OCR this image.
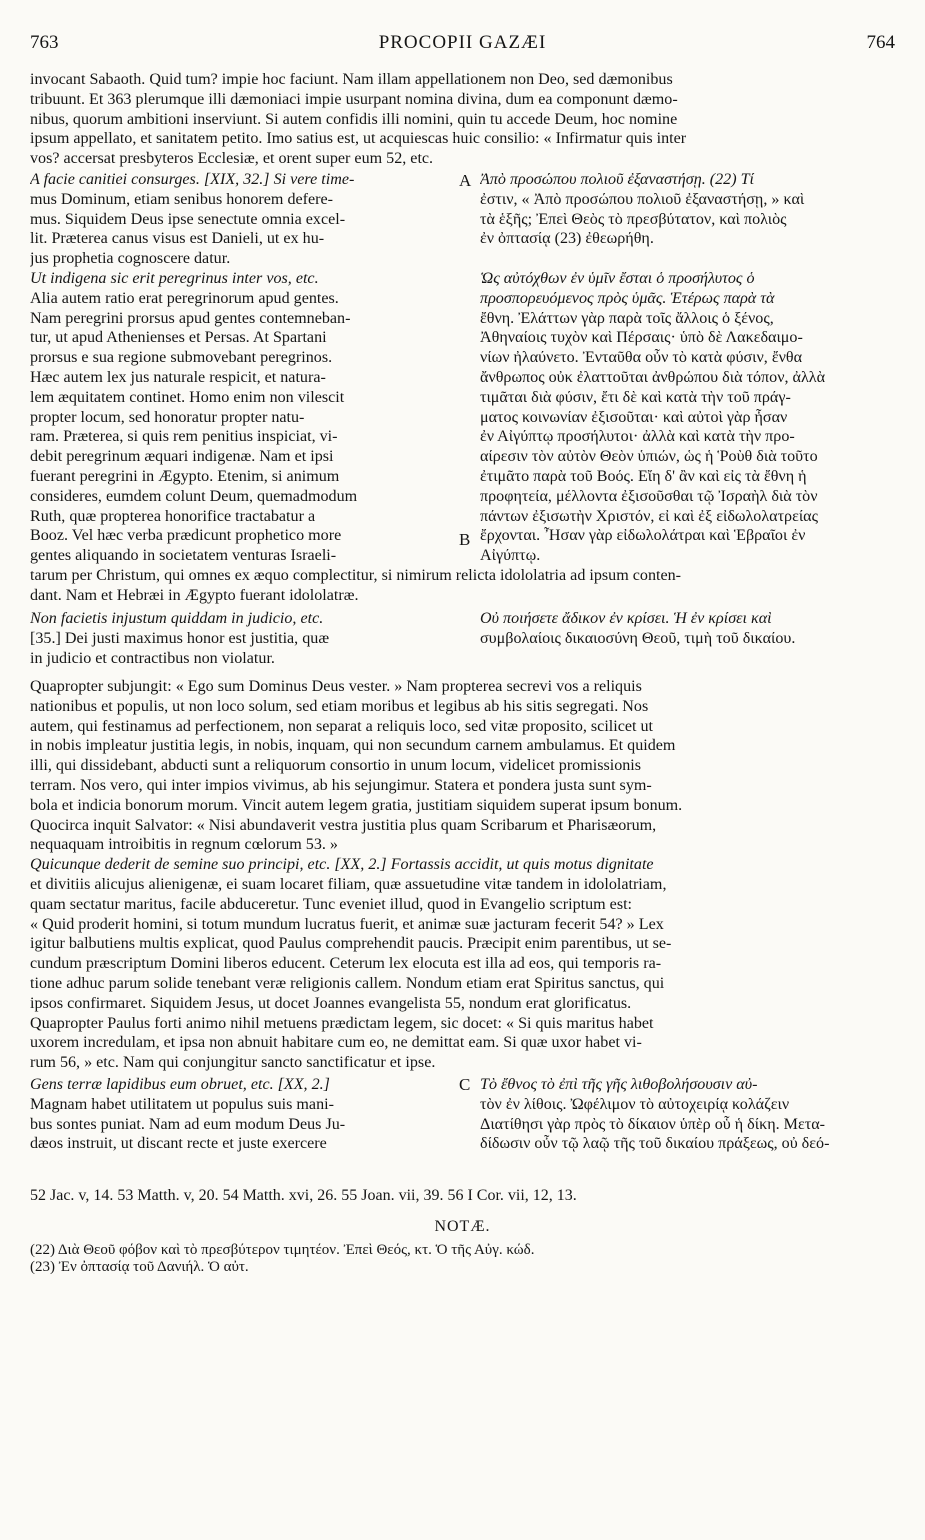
763	PROCOPII GAZÆI	764
invocant Sabaoth. Quid tum? impie hoc faciunt. Nam illam appellationem non Deo, sed dæmonibus
tribuunt. Et 363 plerumque illi dæmoniaci impie usurpant nomina divina, dum ea componunt dæmo-
nibus, quorum ambitioni inserviunt. Si autem confidis illi nomini, quin tu accede Deum, hoc nomine
ipsum appellato, et sanitatem petito. Imo satius est, ut acquiescas huic consilio: « Infirmatur quis inter
vos? accersat presbyteros Ecclesiæ, et orent super eum 52, etc.
A facie canitiei consurges. [XIX, 32.] Si vere time-
mus Dominum, etiam senibus honorem defere-
mus. Siquidem Deus ipse senectute omnia excel-
lit. Præterea canus visus est Danieli, ut ex hu-
jus prophetia cognoscere datur.
Ut indigena sic erit peregrinus inter vos, etc.
Alia autem ratio erat peregrinorum apud gentes.
Nam peregrini prorsus apud gentes contemneban-
tur, ut apud Athenienses et Persas. At Spartani
prorsus e sua regione submovebant peregrinos.
Hæc autem lex jus naturale respicit, et natura-
lem æquitatem continet. Homo enim non vilescit
propter locum, sed honoratur propter natu-
ram. Præterea, si quis rem penitius inspiciat, vi-
debit peregrinum æquari indigenæ. Nam et ipsi
fuerant peregrini in Ægypto. Etenim, si animum
consideres, eumdem colunt Deum, quemadmodum
Ruth, quæ propterea honorifice tractabatur a
Booz. Vel hæc verba prædicunt prophetico more
gentes aliquando in societatem venturas Israeli-
A
B
Ἀπὸ προσώπου πολιοῦ ἐξαναστήσῃ. (22) Τί
ἐστιν, « Ἀπὸ προσώπου πολιοῦ ἐξαναστήσῃ, » καὶ
τὰ ἑξῆς; Ἐπεὶ Θεὸς τὸ πρεσβύτατον, καὶ πολιὸς
ἐν ὀπτασίᾳ (23) ἐθεωρήθη.

Ὡς αὐτόχθων ἐν ὑμῖν ἔσται ὁ προσήλυτος ὁ
προσπορευόμενος πρὸς ὑμᾶς. Ἑτέρως παρὰ τὰ
ἔθνη. Ἐλάττων γὰρ παρὰ τοῖς ἄλλοις ὁ ξένος,
Ἀθηναίοις τυχὸν καὶ Πέρσαις· ὑπὸ δὲ Λακεδαιμο-
νίων ἠλαύνετο. Ἐνταῦθα οὖν τὸ κατὰ φύσιν, ἔνθα
ἄνθρωπος οὐκ ἐλαττοῦται ἀνθρώπου διὰ τόπον, ἀλλὰ
τιμᾶται διὰ φύσιν, ἔτι δὲ καὶ κατὰ τὴν τοῦ πράγ-
ματος κοινωνίαν ἐξισοῦται· καὶ αὐτοὶ γὰρ ἦσαν
ἐν Αἰγύπτῳ προσήλυτοι· ἀλλὰ καὶ κατὰ τὴν προ-
αίρεσιν τὸν αὐτὸν Θεὸν ὑπιών, ὡς ἡ Ῥοὺθ διὰ τοῦτο
ἐτιμᾶτο παρὰ τοῦ Βοός. Εἴη δ' ἂν καὶ εἰς τὰ ἔθνη ἡ
προφητεία, μέλλοντα ἐξισοῦσθαι τῷ Ἰσραὴλ διὰ τὸν
πάντων ἐξισωτὴν Χριστόν, εἰ καὶ ἐξ εἰδωλολατρείας
ἔρχονται. Ἦσαν γὰρ εἰδωλολάτραι καὶ Ἑβραῖοι ἐν
Αἰγύπτῳ.
tarum per Christum, qui omnes ex æquo complectitur, si nimirum relicta idololatria ad ipsum conten-
dant. Nam et Hebræi in Ægypto fuerant idololatræ.
Non facietis injustum quiddam in judicio, etc.
[35.] Dei justi maximus honor est justitia, quæ
in judicio et contractibus non violatur.
Οὐ ποιήσετε ἄδικον ἐν κρίσει. Ἡ ἐν κρίσει καὶ
συμβολαίοις δικαιοσύνη Θεοῦ, τιμὴ τοῦ δικαίου.
Quapropter subjungit: « Ego sum Dominus Deus vester. » Nam propterea secrevi vos a reliquis
nationibus et populis, ut non loco solum, sed etiam moribus et legibus ab his sitis segregati. Nos
autem, qui festinamus ad perfectionem, non separat a reliquis loco, sed vitæ proposito, scilicet ut
in nobis impleatur justitia legis, in nobis, inquam, qui non secundum carnem ambulamus. Et quidem
illi, qui dissidebant, abducti sunt a reliquorum consortio in unum locum, videlicet promissionis
terram. Nos vero, qui inter impios vivimus, ab his sejungimur. Statera et pondera justa sunt sym-
bola et indicia bonorum morum. Vincit autem legem gratia, justitiam siquidem superat ipsum bonum.
Quocirca inquit Salvator: « Nisi abundaverit vestra justitia plus quam Scribarum et Pharisæorum,
nequaquam introibitis in regnum cœlorum 53. »
Quicunque dederit de semine suo principi, etc. [XX, 2.] Fortassis accidit, ut quis motus dignitate
et divitiis alicujus alienigenæ, ei suam locaret filiam, quæ assuetudine vitæ tandem in idololatriam,
quam sectatur maritus, facile abduceretur. Tunc eveniet illud, quod in Evangelio scriptum est:
« Quid proderit homini, si totum mundum lucratus fuerit, et animæ suæ jacturam fecerit 54? » Lex
igitur balbutiens multis explicat, quod Paulus comprehendit paucis. Præcipit enim parentibus, ut se-
cundum præscriptum Domini liberos educent. Ceterum lex elocuta est illa ad eos, qui temporis ra-
tione adhuc parum solide tenebant veræ religionis callem. Nondum etiam erat Spiritus sanctus, qui
ipsos confirmaret. Siquidem Jesus, ut docet Joannes evangelista 55, nondum erat glorificatus.
Quapropter Paulus forti animo nihil metuens prædictam legem, sic docet: « Si quis maritus habet
uxorem incredulam, et ipsa non abnuit habitare cum eo, ne demittat eam. Si quæ uxor habet vi-
rum 56, » etc. Nam qui conjungitur sancto sanctificatur et ipse.
C
Gens terræ lapidibus eum obruet, etc. [XX, 2.]
Magnam habet utilitatem ut populus suis mani-
bus sontes puniat. Nam ad eum modum Deus Ju-
dæos instruit, ut discant recte et juste exercere
Τὸ ἔθνος τὸ ἐπὶ τῆς γῆς λιθοβολήσουσιν αὐ-
τὸν ἐν λίθοις. Ὠφέλιμον τὸ αὐτοχειρίᾳ κολάζειν
Διατίθησι γὰρ πρὸς τὸ δίκαιον ὑπὲρ οὗ ἡ δίκη. Μετα-
δίδωσιν οὖν τῷ λαῷ τῆς τοῦ δικαίου πράξεως, οὐ δεό-
52 Jac. v, 14. 53 Matth. v, 20. 54 Matth. xvi, 26. 55 Joan. vii, 39. 56 I Cor. vii, 12, 13.
NOTÆ.
(22) Διὰ Θεοῦ φόβον καὶ τὸ πρεσβύτερον τιμητέον. Ἐπεὶ Θεός, κτ. Ὁ τῆς Αὐγ. κώδ.
(23) Ἐν ὀπτασίᾳ τοῦ Δανιήλ. Ὁ αὐτ.
